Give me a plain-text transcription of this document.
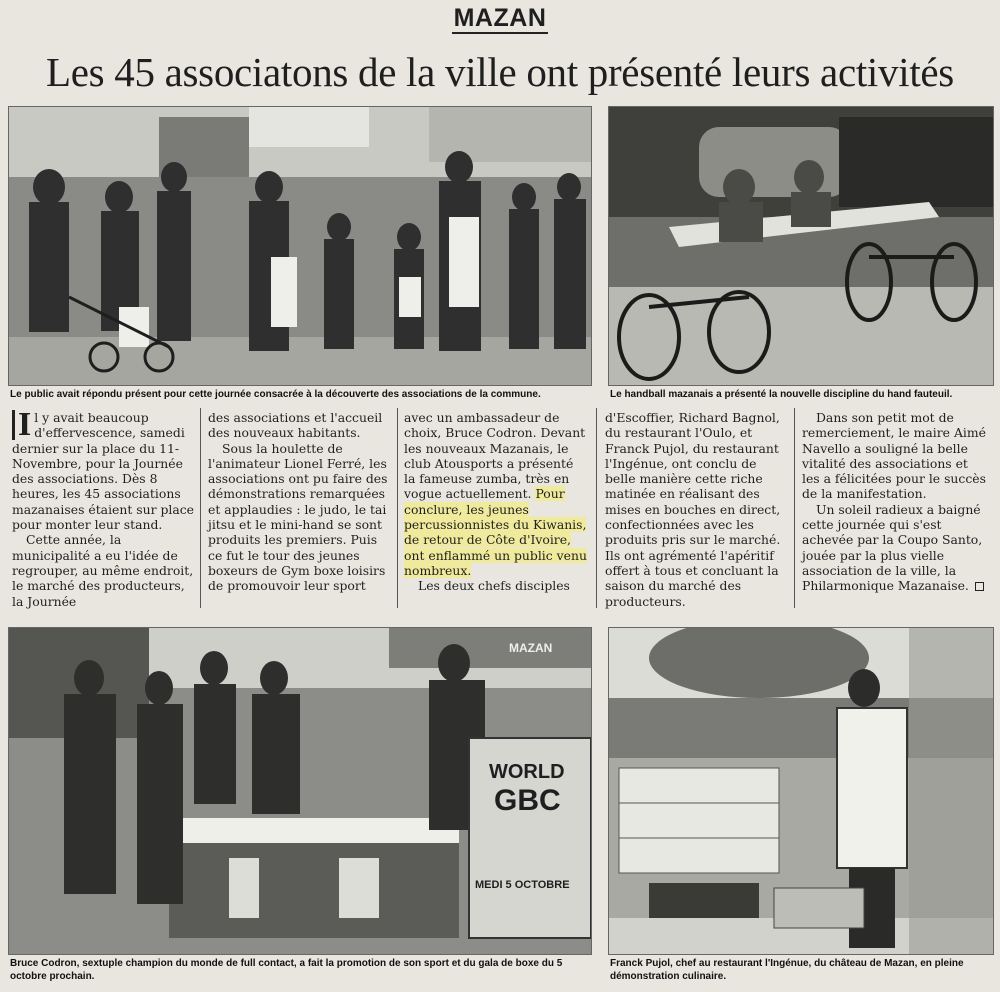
MAZAN
Les 45 associatons de la ville ont présenté leurs activités
Le public avait répondu présent pour cette journée consacrée à la découverte des associations de la commune.	Le handball mazanais a présenté la nouvelle discipline du hand fauteuil.

I l y avait beaucoup d'effervescence, samedi dernier sur la place du 11-Novembre, pour la Journée des associations. Dès 8 heures, les 45 associations mazanaises étaient sur place pour monter leur stand.

Cette année, la municipalité a eu l'idée de regrouper, au même endroit, le marché des producteurs, la Journée

des associations et l'accueil des nouveaux habitants.

Sous la houlette de l'animateur Lionel Ferré, les associations ont pu faire des démonstrations remarquées et applaudies : le judo, le tai jitsu et le mini-hand se sont produits les premiers. Puis ce fut le tour des jeunes boxeurs de Gym boxe loisirs de promouvoir leur sport

avec un ambassadeur de choix, Bruce Codron. Devant les nouveaux Mazanais, le club Atousports a présenté la fameuse zumba, très en vogue actuellement. Pour conclure, les jeunes percussionnistes du Kiwanis, de retour de Côte d'Ivoire, ont enflammé un public venu nombreux.

Les deux chefs disciples

d'Escoffier, Richard Bagnol, du restaurant l'Oulo, et Franck Pujol, du restaurant l'Ingénue, ont conclu de belle manière cette riche matinée en réalisant des mises en bouches en direct, confectionnées avec les produits pris sur le marché. Ils ont agrémenté l'apéritif offert à tous et concluant la saison du marché des producteurs.

Dans son petit mot de remerciement, le maire Aimé Navello a souligné la belle vitalité des associations et les a félicitées pour le succès de la manifestation.

Un soleil radieux a baigné cette journée qui s'est achevée par la Coupo Santo, jouée par la plus vielle association de la ville, la Philarmonique Mazanaise.

MAZAN
WORLD
GBC
MEDI 5 OCTOBRE
Bruce Codron, sextuple champion du monde de full contact, a fait la promotion de son sport et du gala de boxe du 5 octobre prochain.
Franck Pujol, chef au restaurant l'Ingénue, du château de Mazan, en pleine démonstration culinaire.
